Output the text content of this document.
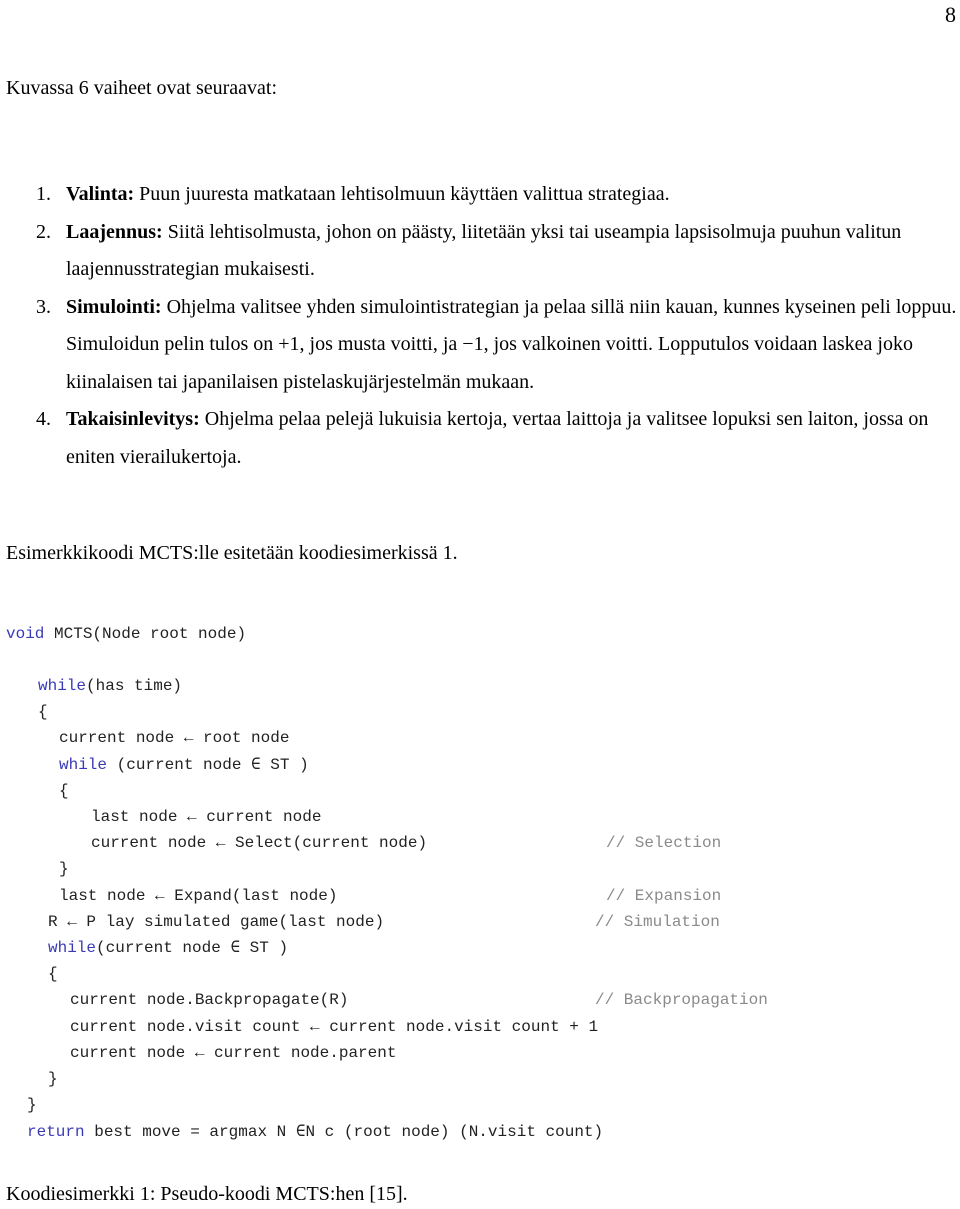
8
Kuvassa 6 vaiheet ovat seuraavat:
1. Valinta: Puun juuresta matkataan lehtisolmuun käyttäen valittua strategiaa.
2. Laajennus: Siitä lehtisolmusta, johon on päästy, liitetään yksi tai useampia lapsisolmuja puuhun valitun laajennusstrategian mukaisesti.
3. Simulointi: Ohjelma valitsee yhden simulointistrategian ja pelaa sillä niin kauan, kunnes kyseinen peli loppuu. Simuloidun pelin tulos on +1, jos musta voitti, ja −1, jos valkoinen voitti. Lopputulos voidaan laskea joko kiinalaisen tai japanilaisen pistelaskujärjestelmän mukaan.
4. Takaisinlevitys: Ohjelma pelaa pelejä lukuisia kertoja, vertaa laittoja ja valitsee lopuksi sen laiton, jossa on eniten vierailukertoja.
Esimerkkikoodi MCTS:lle esitetään koodiesimerkissä 1.
void MCTS(Node root node)
while(has time)
{
current node ← root node
while (current node ∈ ST )
{
last node ← current node
current node ← Select(current node)	// Selection
}
last node ← Expand(last node)	// Expansion
R ← P lay simulated game(last node)	// Simulation
while(current node ∈ ST )
{
current node.Backpropagate(R)	// Backpropagation
current node.visit count ← current node.visit count + 1
current node ← current node.parent
}
}
return best move = argmax N ∈N c (root node) (N.visit count)
Koodiesimerkki 1: Pseudo-koodi MCTS:hen [15].
